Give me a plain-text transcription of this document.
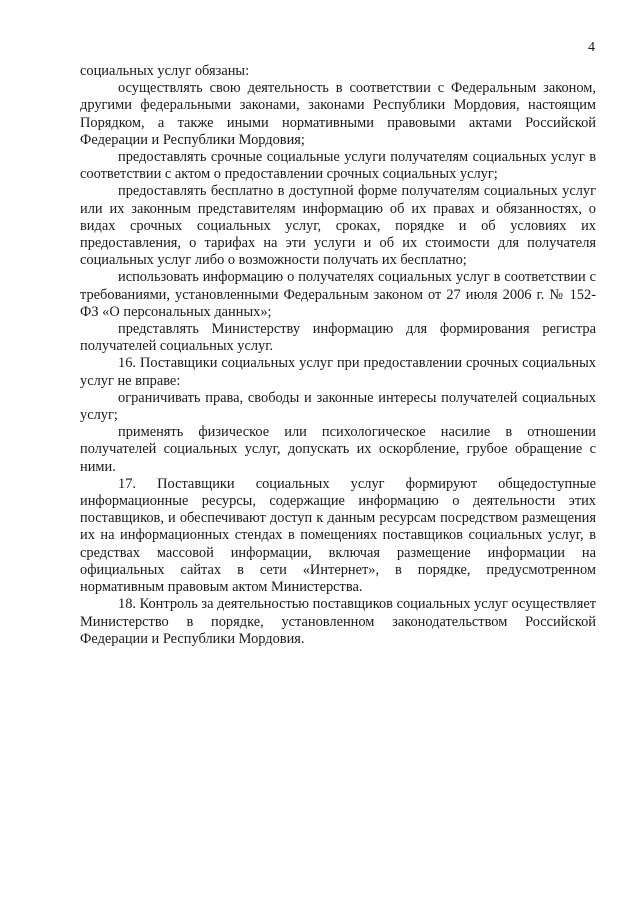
4

социальных услуг обязаны:

осуществлять свою деятельность в соответствии с Федеральным законом, другими федеральными законами, законами Республики Мордовия, настоящим Порядком, а также иными нормативными правовыми актами Российской Федерации и Республики Мордовия;

предоставлять срочные социальные услуги получателям социальных услуг в соответствии с актом о предоставлении срочных социальных услуг;

предоставлять бесплатно в доступной форме получателям социальных услуг или их законным представителям информацию об их правах и обязанностях, о видах срочных социальных услуг, сроках, порядке и об условиях их предоставления, о тарифах на эти услуги и об их стоимости для получателя социальных услуг либо о возможности получать их бесплатно;

использовать информацию о получателях социальных услуг в соответствии с требованиями, установленными Федеральным законом от 27 июля 2006 г. № 152-ФЗ «О персональных данных»;

представлять Министерству информацию для формирования регистра получателей социальных услуг.

16. Поставщики социальных услуг при предоставлении срочных социальных услуг не вправе:

ограничивать права, свободы и законные интересы получателей социальных услуг;

применять физическое или психологическое насилие в отношении получателей социальных услуг, допускать их оскорбление, грубое обращение с ними.

17. Поставщики социальных услуг формируют общедоступные информационные ресурсы, содержащие информацию о деятельности этих поставщиков, и обеспечивают доступ к данным ресурсам посредством размещения их на информационных стендах в помещениях поставщиков социальных услуг, в средствах массовой информации, включая размещение информации на официальных сайтах в сети «Интернет», в порядке, предусмотренном нормативным правовым актом Министерства.

18. Контроль за деятельностью поставщиков социальных услуг осуществляет Министерство в порядке, установленном законодательством Российской Федерации и Республики Мордовия.
